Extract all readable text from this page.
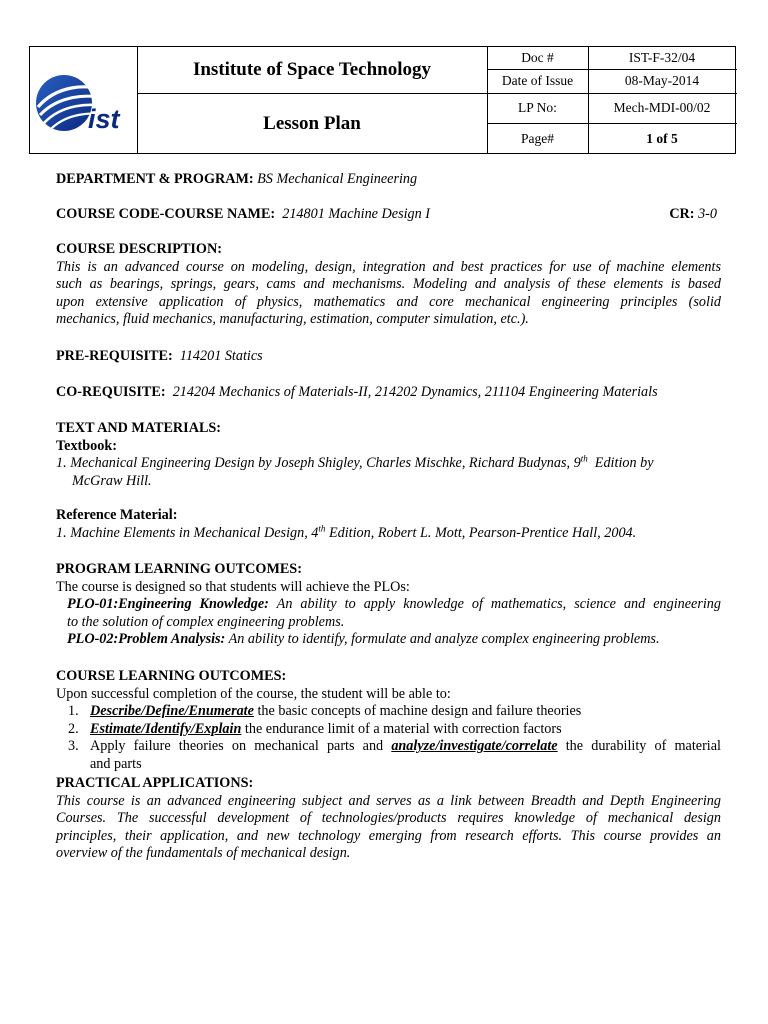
ist
Institute of Space Technology
Lesson Plan
Doc #	IST-F-32/04
Date of Issue	08-May-2014
LP No:	Mech-MDI-00/02
Page#	1 of 5
DEPARTMENT & PROGRAM: BS Mechanical Engineering
COURSE CODE-COURSE NAME: 214801 Machine Design I	CR: 3-0
COURSE DESCRIPTION:
This is an advanced course on modeling, design, integration and best practices for use of machine elements
such as bearings, springs, gears, cams and mechanisms. Modeling and analysis of these elements is based
upon extensive application of physics, mathematics and core mechanical engineering principles (solid
mechanics, fluid mechanics, manufacturing, estimation, computer simulation, etc.).
PRE-REQUISITE: 114201 Statics
CO-REQUISITE: 214204 Mechanics of Materials-II, 214202 Dynamics, 211104 Engineering Materials
TEXT AND MATERIALS:
Textbook:
1. Mechanical Engineering Design by Joseph Shigley, Charles Mischke, Richard Budynas, 9th Edition by
McGraw Hill.
Reference Material:
1. Machine Elements in Mechanical Design, 4th Edition, Robert L. Mott, Pearson-Prentice Hall, 2004.
PROGRAM LEARNING OUTCOMES:
The course is designed so that students will achieve the PLOs:
PLO-01:Engineering Knowledge: An ability to apply knowledge of mathematics, science and engineering
to the solution of complex engineering problems.
PLO-02:Problem Analysis: An ability to identify, formulate and analyze complex engineering problems.
COURSE LEARNING OUTCOMES:
Upon successful completion of the course, the student will be able to:
1. Describe/Define/Enumerate the basic concepts of machine design and failure theories
2. Estimate/Identify/Explain the endurance limit of a material with correction factors
3. Apply failure theories on mechanical parts and analyze/investigate/correlate the durability of material
and parts
PRACTICAL APPLICATIONS:
This course is an advanced engineering subject and serves as a link between Breadth and Depth Engineering
Courses. The successful development of technologies/products requires knowledge of mechanical design
principles, their application, and new technology emerging from research efforts. This course provides an
overview of the fundamentals of mechanical design.
